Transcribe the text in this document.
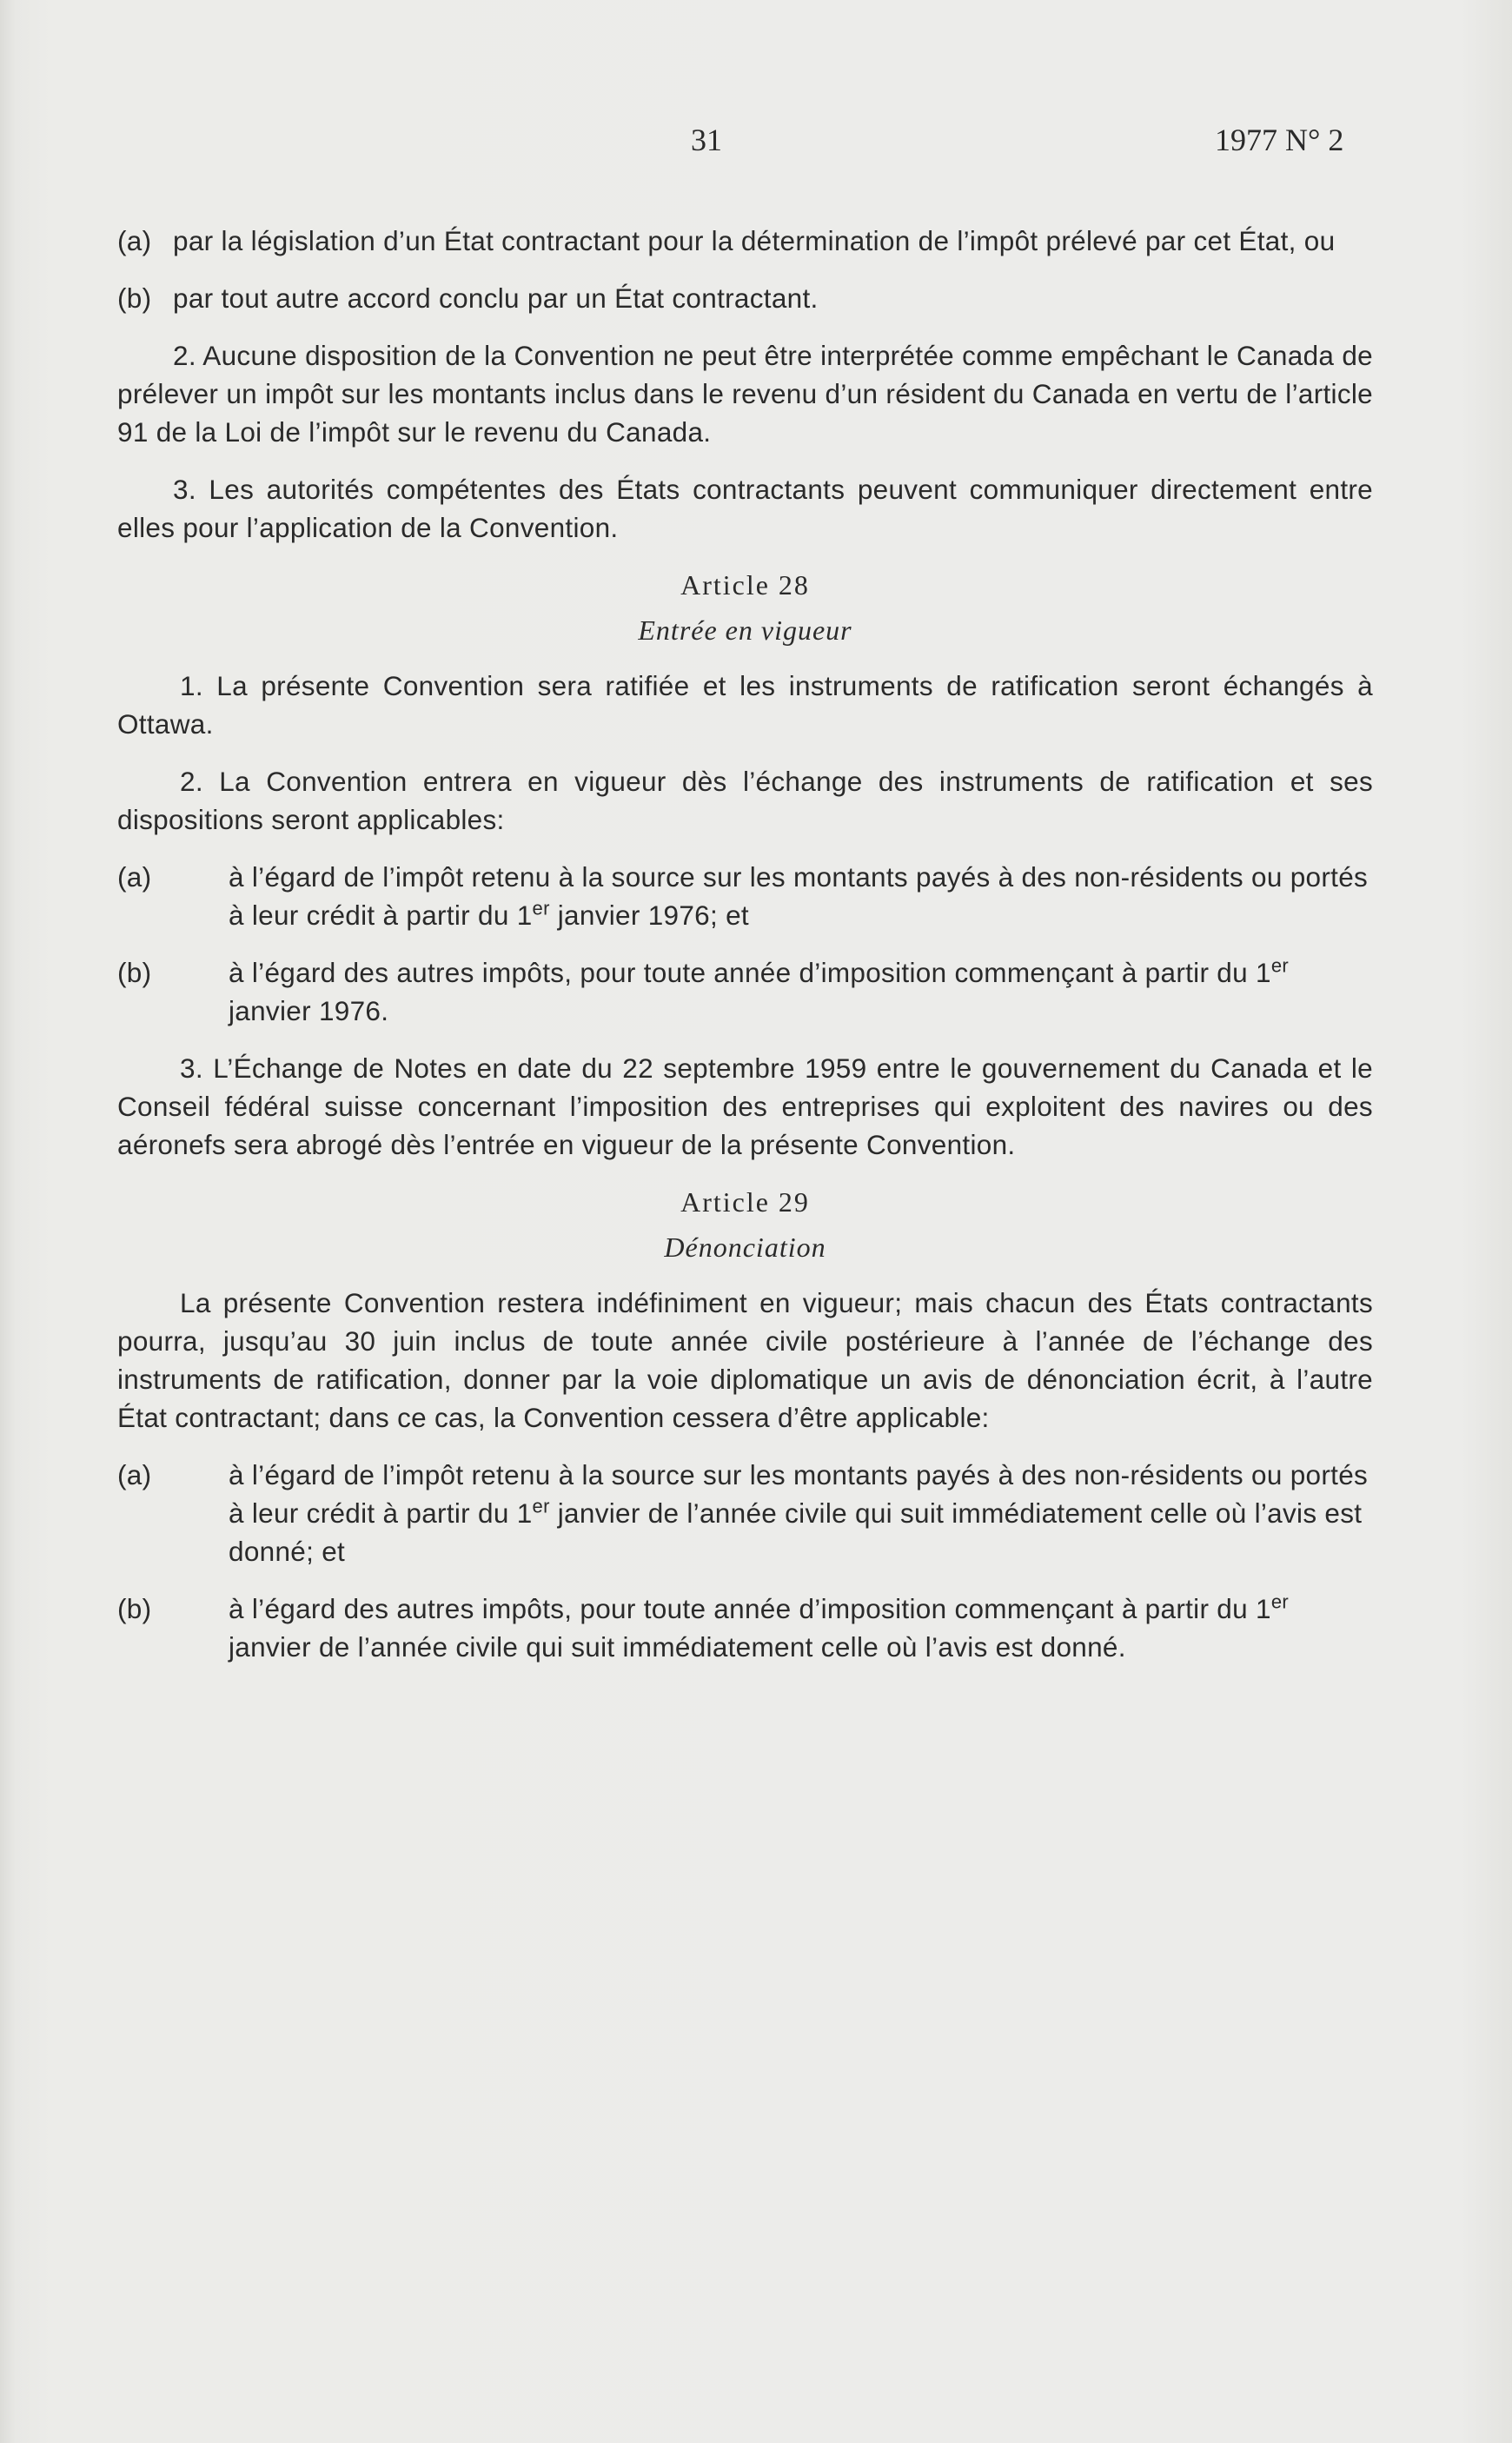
31	1977 N° 2
(a) par la législation d’un État contractant pour la détermination de l’impôt prélevé par cet État, ou
(b) par tout autre accord conclu par un État contractant.

2. Aucune disposition de la Convention ne peut être interprétée comme empêchant le Canada de prélever un impôt sur les montants inclus dans le revenu d’un résident du Canada en vertu de l’article 91 de la Loi de l’impôt sur le revenu du Canada.

3. Les autorités compétentes des États contractants peuvent communiquer directement entre elles pour l’application de la Convention.

Article 28
Entrée en vigueur

1. La présente Convention sera ratifiée et les instruments de ratification seront échangés à Ottawa.

2. La Convention entrera en vigueur dès l’échange des instruments de ratification et ses dispositions seront applicables:

(a)	à l’égard de l’impôt retenu à la source sur les montants payés à des non-résidents ou portés à leur crédit à partir du 1er janvier 1976; et
(b)	à l’égard des autres impôts, pour toute année d’imposition commençant à partir du 1er janvier 1976.

3. L’Échange de Notes en date du 22 septembre 1959 entre le gouvernement du Canada et le Conseil fédéral suisse concernant l’imposition des entreprises qui exploitent des navires ou des aéronefs sera abrogé dès l’entrée en vigueur de la présente Convention.

Article 29
Dénonciation

La présente Convention restera indéfiniment en vigueur; mais chacun des États contractants pourra, jusqu’au 30 juin inclus de toute année civile postérieure à l’année de l’échange des instruments de ratification, donner par la voie diplomatique un avis de dénonciation écrit, à l’autre État contractant; dans ce cas, la Convention cessera d’être applicable:

(a)	à l’égard de l’impôt retenu à la source sur les montants payés à des non-résidents ou portés à leur crédit à partir du 1er janvier de l’année civile qui suit immédiatement celle où l’avis est donné; et
(b)	à l’égard des autres impôts, pour toute année d’imposition commençant à partir du 1er janvier de l’année civile qui suit immédiatement celle où l’avis est donné.
